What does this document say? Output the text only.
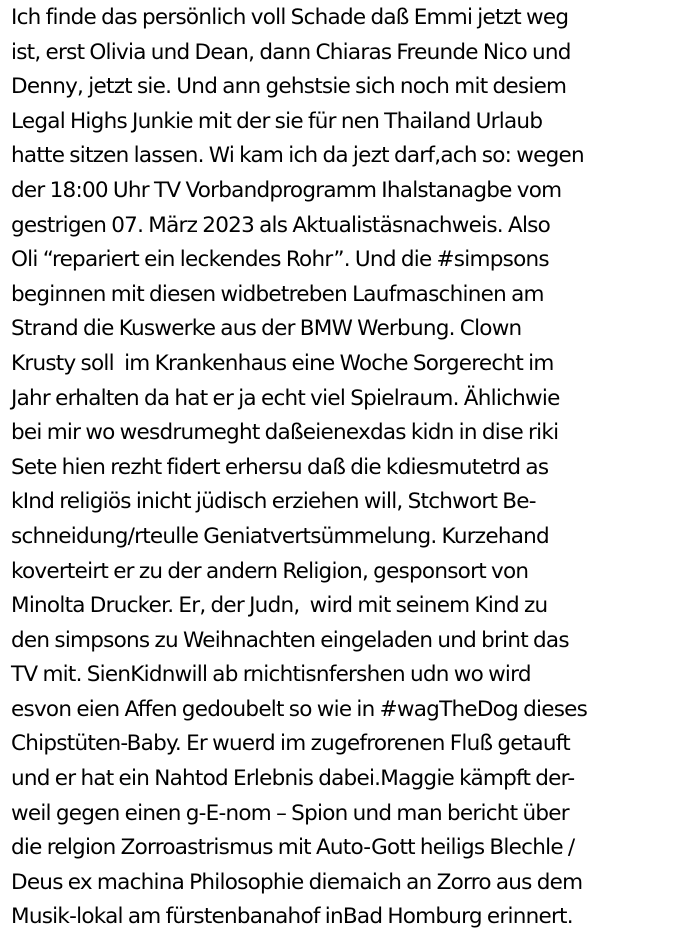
Ich finde das persönlich voll Schade daß Emmi jetzt weg
ist, erst Olivia und Dean, dann Chiaras Freunde Nico und
Denny, jetzt sie. Und ann gehstsie sich noch mit desiem
Legal Highs Junkie mit der sie für nen Thailand Urlaub
hatte sitzen lassen. Wi kam ich da jezt darf,ach so: wegen
der 18:00 Uhr TV Vorbandprogramm Ihalstanagbe vom
gestrigen 07. März 2023 als Aktualistäsnachweis. Also
Oli “repariert ein leckendes Rohr”. Und die #simpsons
beginnen mit diesen widbetreben Laufmaschinen am
Strand die Kuswerke aus der BMW Werbung. Clown
Krusty soll  im Krankenhaus eine Woche Sorgerecht im
Jahr erhalten da hat er ja echt viel Spielraum. Ählichwie
bei mir wo wesdrumeght daßeienexdas kidn in dise riki
Sete hien rezht fidert erhersu daß die kdiesmutetrd as
kInd religiös inicht jüdisch erziehen will, Stchwort Be-
schneidung/rteulle Geniatvertsümmelung. Kurzehand
koverteirt er zu der andern Religion, gesponsort von
Minolta Drucker. Er, der Judn,  wird mit seinem Kind zu
den simpsons zu Weihnachten eingeladen und brint das
TV mit. SienKidnwill ab rnichtisnfershen udn wo wird
esvon eien Affen gedoubelt so wie in #wagTheDog dieses
Chipstüten-Baby. Er wuerd im zugefrorenen Fluß getauft
und er hat ein Nahtod Erlebnis dabei.Maggie kämpft der-
weil gegen einen g-E-nom – Spion und man bericht über
die relgion Zorroastrismus mit Auto-Gott heiligs Blechle /
Deus ex machina Philosophie diemaich an Zorro aus dem
Musik-lokal am fürstenbanahof inBad Homburg erinnert.
